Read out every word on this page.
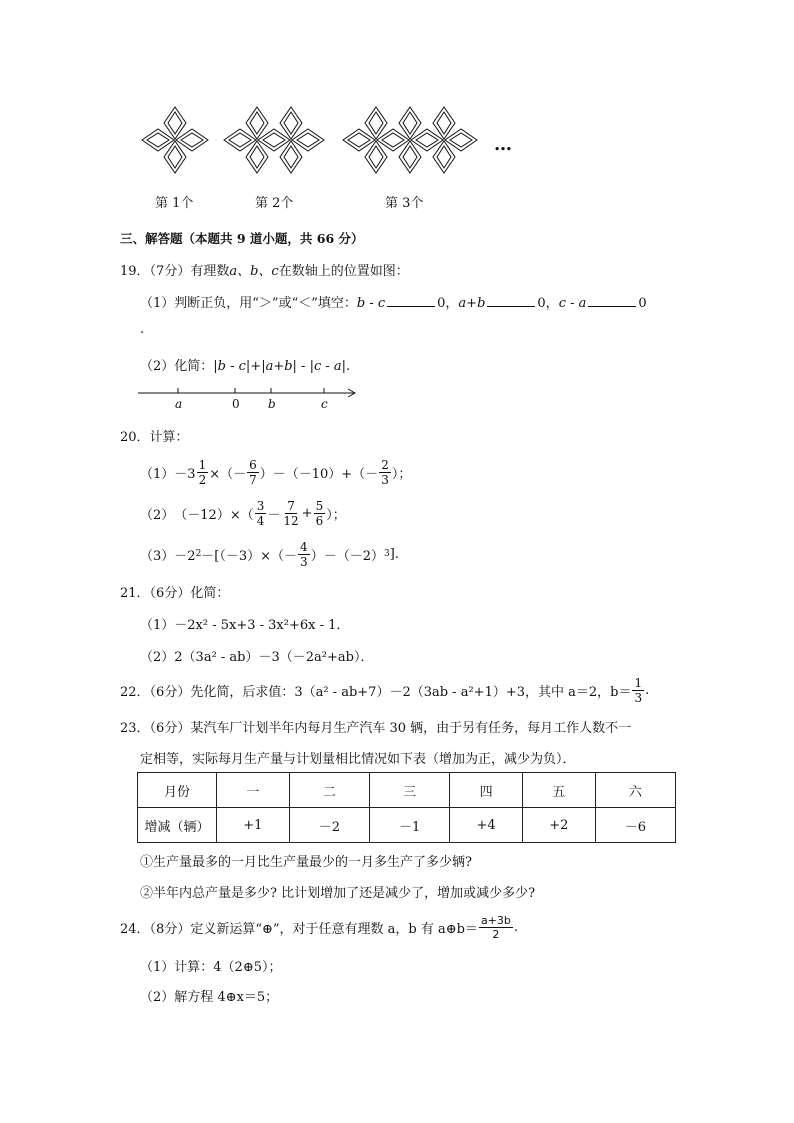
…
第 1个	第 2个	第 3个
三、解答题（本题共 9 道小题，共 66 分）
19．（7分）有理数a、b、c在数轴上的位置如图：
（1）判断正负，用“＞”或“＜”填空：b - c	0，a+b	0，c - a	0
.
（2）化简：|b - c|+|a+b| - |c - a|.
a	0 b	c
20．计算：
$(1) -3 \frac{1}{2}$ ×（－ $\frac{6}{7} )-(-10)+(- \frac{2}{3}$ ）；
（2） $(-12)\times( \frac{3}{4} - \frac{7}{12} + \frac{5}{6}$ ）；
（3） －2 $2 -[(-3)\times(- \frac{4}{3} )-(-2)$ 3 ].
21．（6分）化简：
（1）－2x² - 5x+3 - 3x²+6x - 1．
（2）2（3a² - ab）－3（－2a²+ab）．
22．（6分）先化简，后求值：3（a² - ab+7）－2（3ab - a²+1）+3，其中 a＝2，$b= \frac{1}{3}$ .
23．（6分）某汽车厂计划半年内每月生产汽车 30 辆，由于另有任务，每月工作人数不一
定相等，实际每月生产量与计划量相比情况如下表（增加为正，减少为负）．
月份	一	二	三	四	五	六
增减（辆）	+1	－2	－1	+4	+2	－6
①生产量最多的一月比生产量最少的一月多生产了多少辆?
②半年内总产量是多少? 比计划增加了还是减少了，增加或减少多少?
24．（8分）定义新运算“⊕”，对于任意有理数 a，b 有 a⊕b＝ $\frac{a+3b}{2}$ .
（1）计算：4（2⊕5）；
（2）解方程 4⊕x＝5；
